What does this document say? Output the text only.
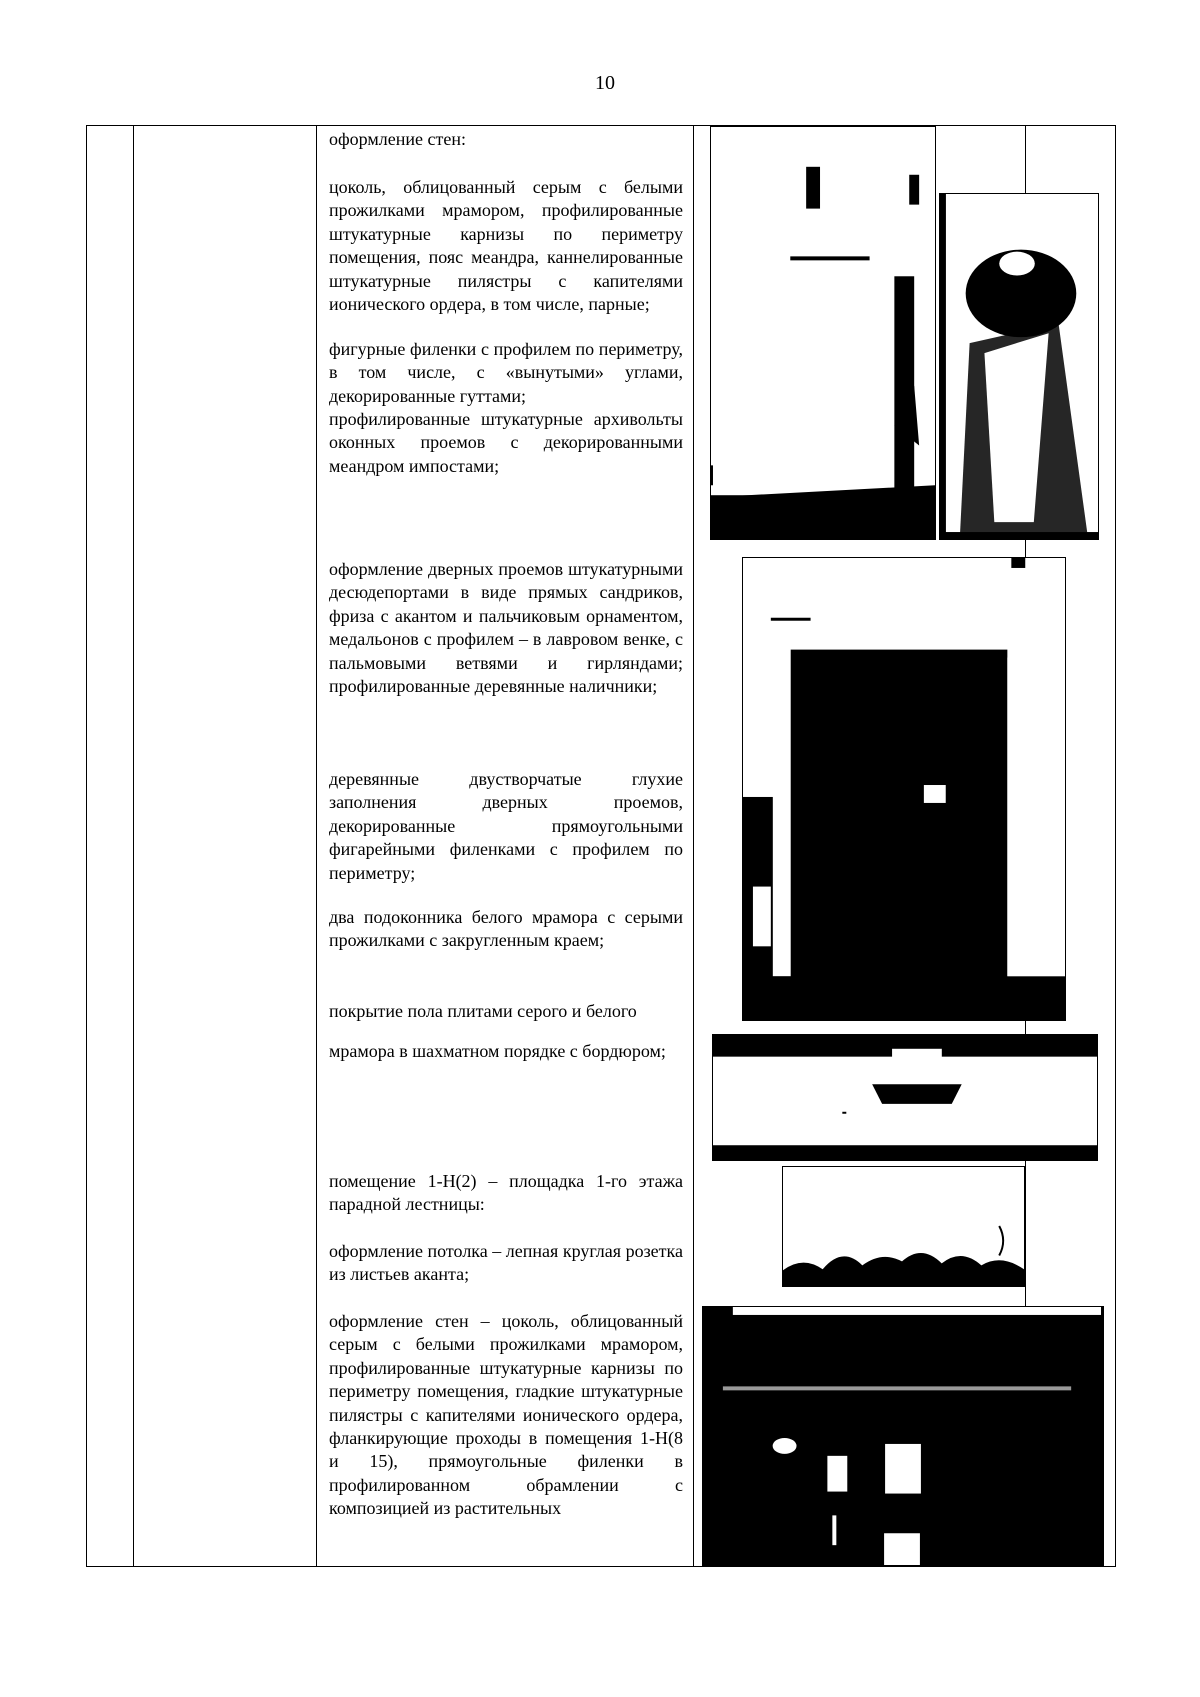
10

оформление стен:

цоколь, облицованный серым с белыми прожилками мрамором, профилированные штукатурные карнизы по периметру помещения, пояс меандра, каннелированные штукатурные пилястры с капителями ионического ордера, в том числе, парные;

фигурные филенки с профилем по периметру, в том числе, с «вынутыми» углами, декорированные гуттами;

профилированные штукатурные архивольты оконных проемов с декорированными меандром импостами;

оформление дверных проемов штукатурными десюдепортами в виде прямых сандриков, фриза с акантом и пальчиковым орнаментом, медальонов с профилем – в лавровом венке, с пальмовыми ветвями и гирляндами; профилированные деревянные наличники;

деревянные двустворчатые глухие заполнения дверных проемов, декорированные прямоугольными фигарейными филенками с профилем по периметру;

два подоконника белого мрамора с серыми прожилками с закругленным краем;

покрытие пола плитами серого и белого

мрамора в шахматном порядке с бордюром;

помещение 1-Н(2) – площадка 1-го этажа парадной лестницы:

оформление потолка – лепная круглая розетка из листьев аканта;

оформление стен – цоколь, облицованный серым с белыми прожилками мрамором, профилированные штукатурные карнизы по периметру помещения, гладкие штукатурные пилястры с капителями ионического ордера, фланкирующие проходы в помещения 1-Н(8 и 15), прямоугольные филенки в профилированном обрамлении с композицией из растительных
